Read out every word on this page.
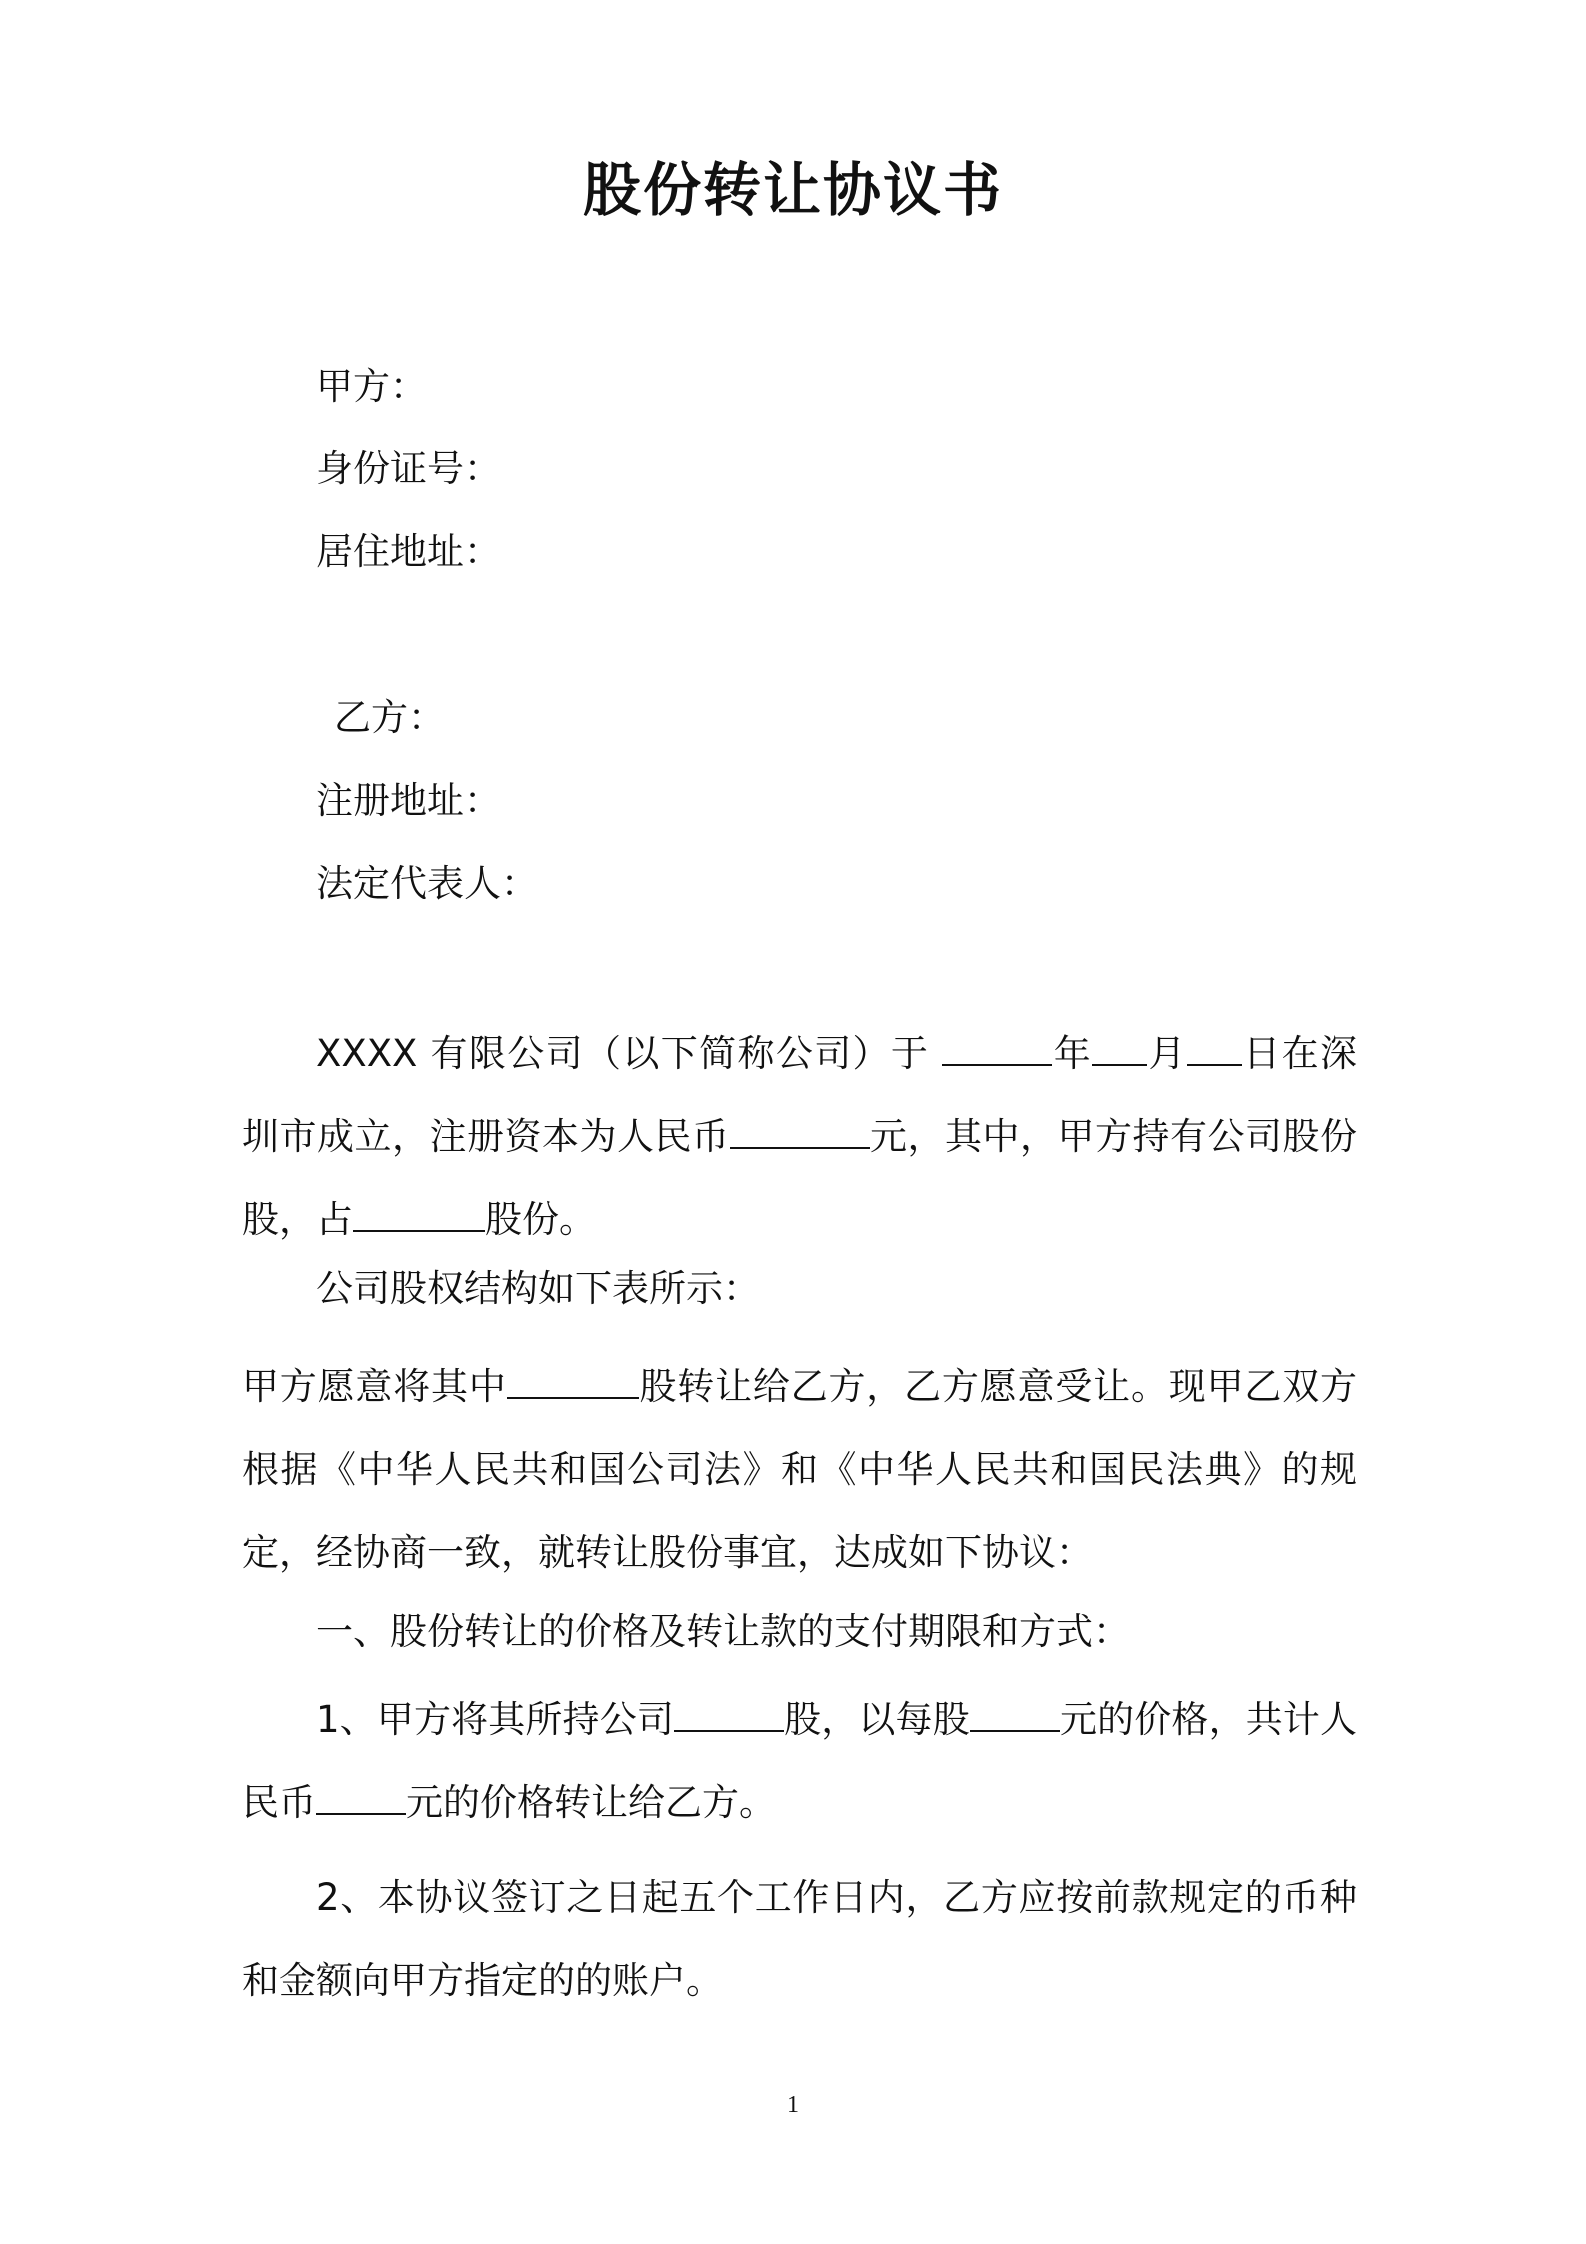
股份转让协议书
甲方：
身份证号：
居住地址：
乙方：
注册地址：
法定代表人：
XXXX 有限公司（以下简称公司）于	年 月 日在深圳市成立，注册资本为人民币	元，其中，甲方持有公司股份股，占	股份。
公司股权结构如下表所示：
甲方愿意将其中	股转让给乙方，乙方愿意受让。现甲乙双方根据《中华人民共和国公司法》和《中华人民共和国民法典》的规定，经协商一致，就转让股份事宜，达成如下协议：
一、股份转让的价格及转让款的支付期限和方式：
1、甲方将其所持公司	股，以每股 元的价格，共计人民币 元的价格转让给乙方。
2、本协议签订之日起五个工作日内，乙方应按前款规定的币种和金额向甲方指定的的账户。
1
